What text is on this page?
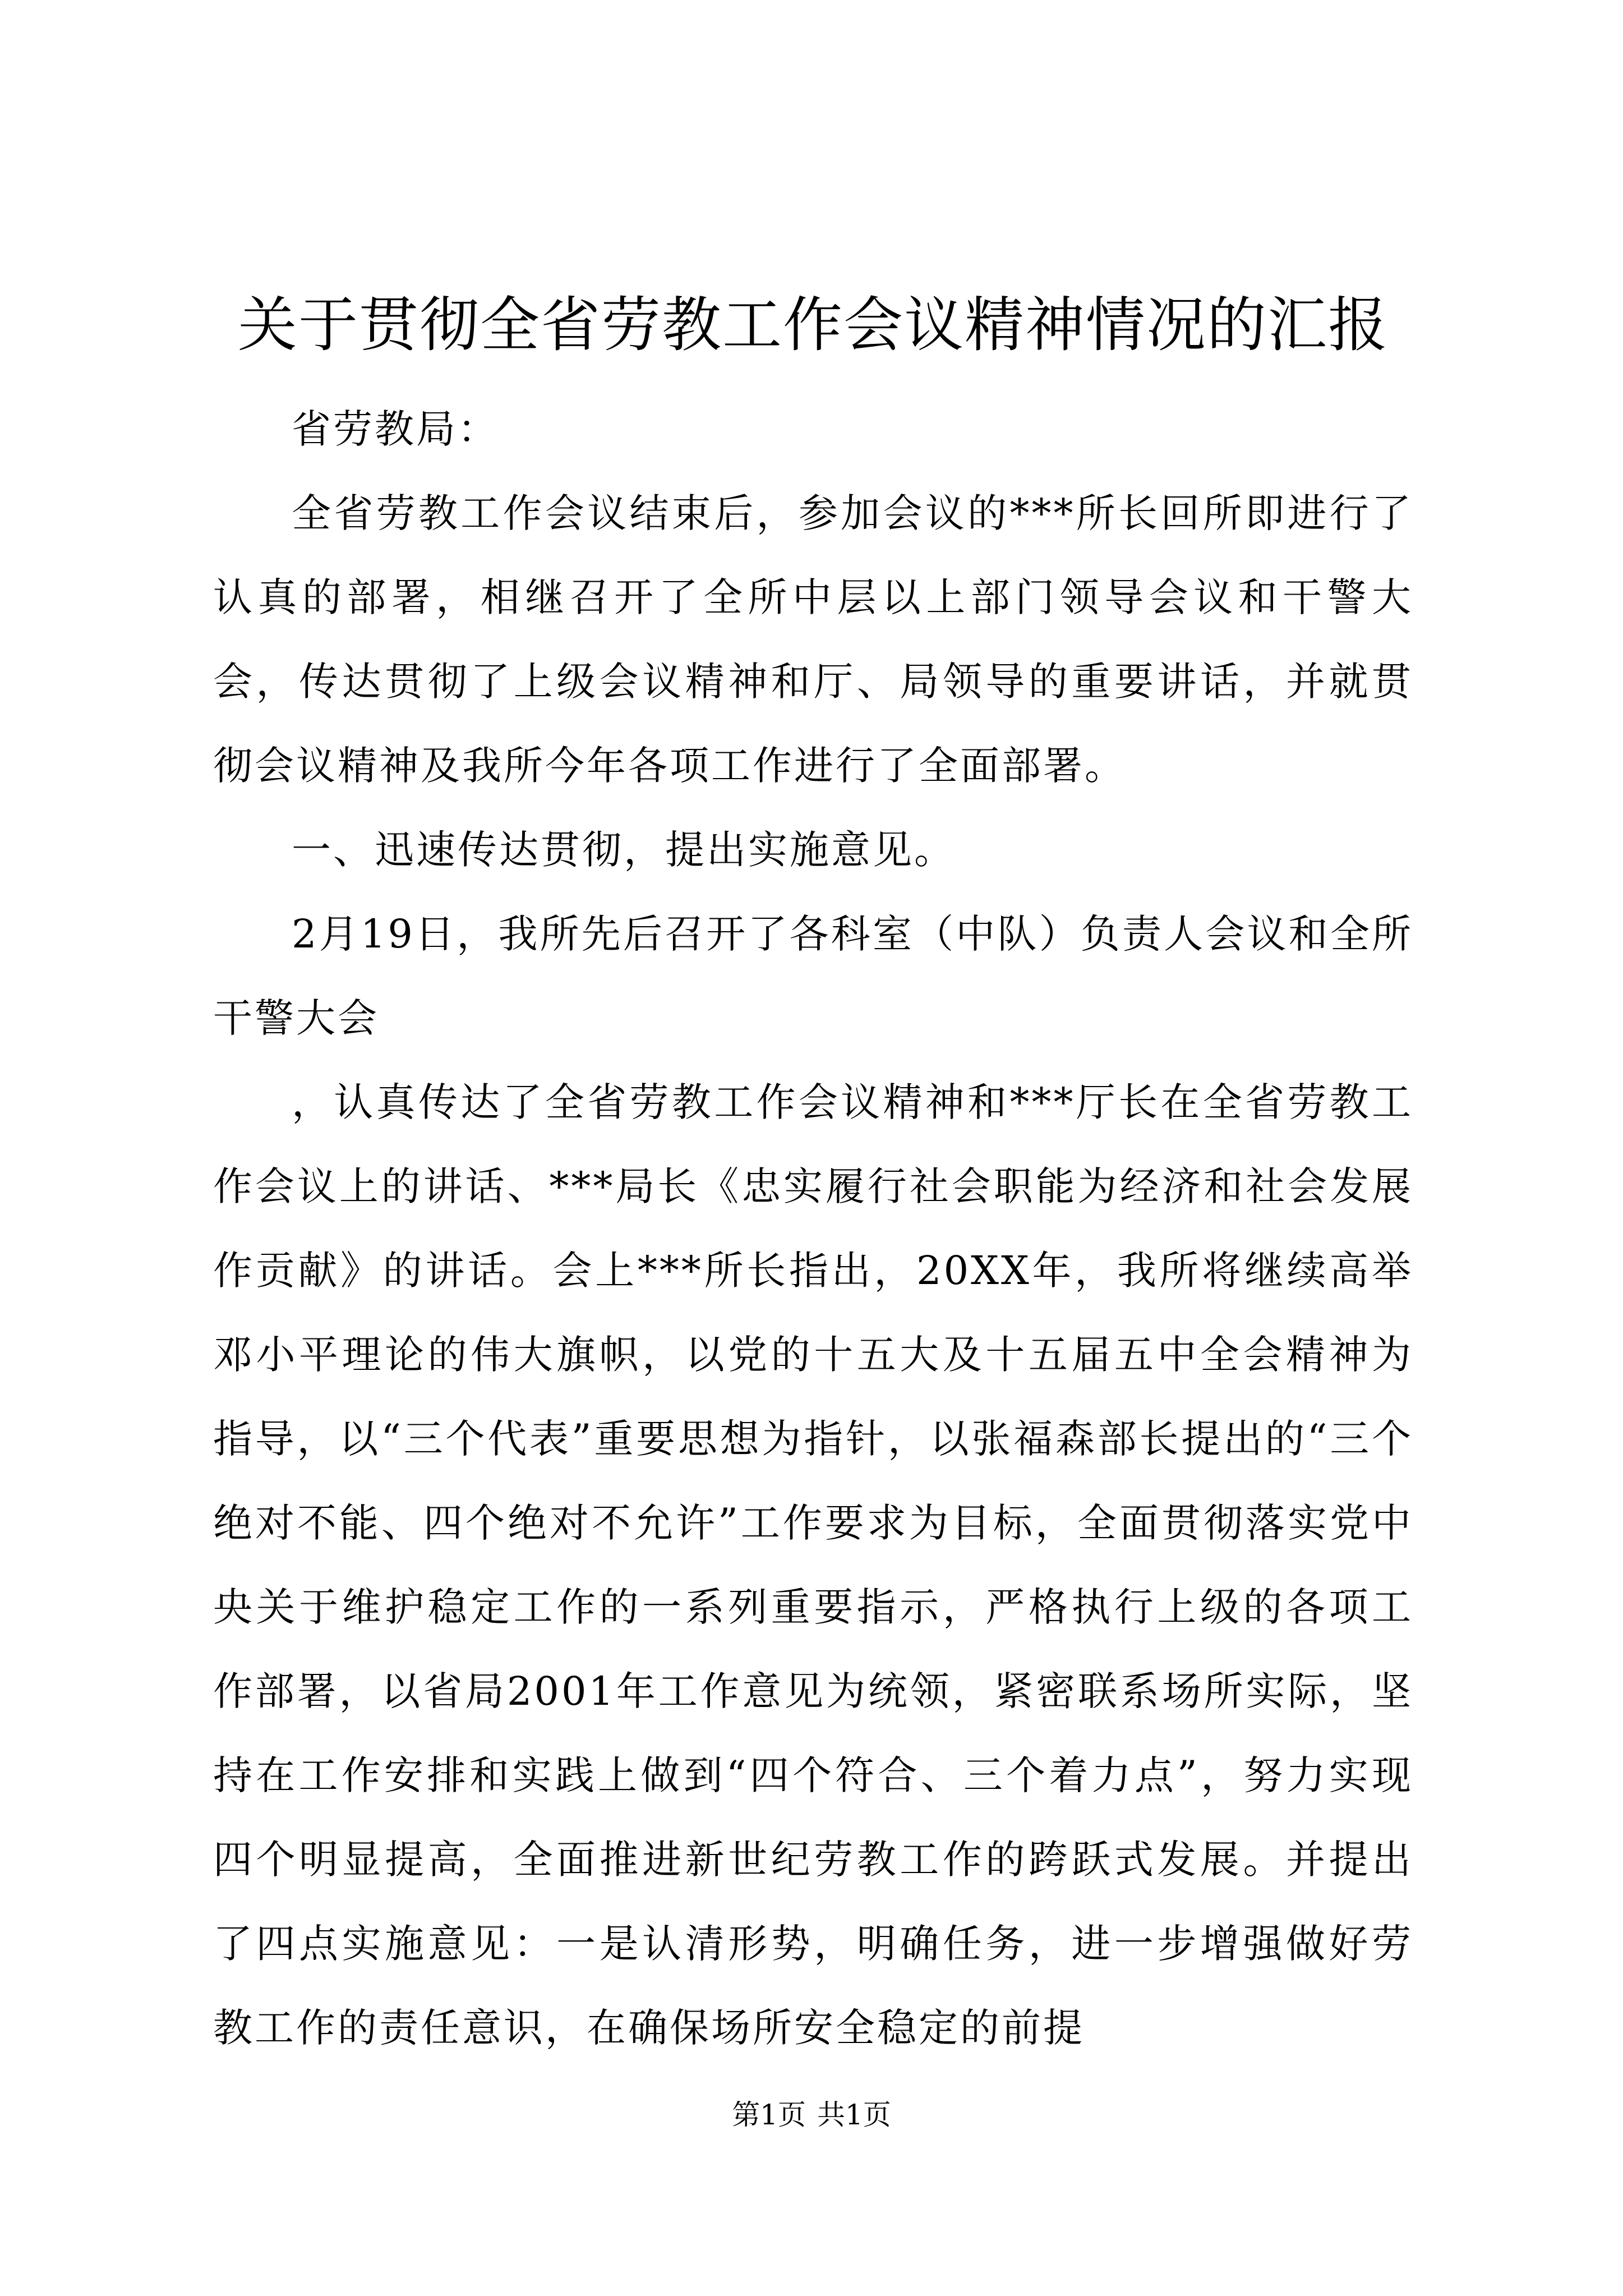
关于贯彻全省劳教工作会议精神情况的汇报

省劳教局：

全省劳教工作会议结束后，参加会议的***所长回所即进行了认真的部署，相继召开了全所中层以上部门领导会议和干警大会，传达贯彻了上级会议精神和厅、局领导的重要讲话，并就贯彻会议精神及我所今年各项工作进行了全面部署。

一、迅速传达贯彻，提出实施意见。

2月19日，我所先后召开了各科室（中队）负责人会议和全所干警大会

，认真传达了全省劳教工作会议精神和***厅长在全省劳教工作会议上的讲话、***局长《忠实履行社会职能为经济和社会发展作贡献》的讲话。会上***所长指出，20XX年，我所将继续高举邓小平理论的伟大旗帜，以党的十五大及十五届五中全会精神为指导，以“三个代表”重要思想为指针，以张福森部长提出的“三个绝对不能、四个绝对不允许”工作要求为目标，全面贯彻落实党中央关于维护稳定工作的一系列重要指示，严格执行上级的各项工作部署，以省局2001年工作意见为统领，紧密联系场所实际，坚持在工作安排和实践上做到“四个符合、三个着力点”，努力实现四个明显提高，全面推进新世纪劳教工作的跨跃式发展。并提出了四点实施意见：一是认清形势，明确任务，进一步增强做好劳教工作的责任意识，在确保场所安全稳定的前提

第1页 共1页
